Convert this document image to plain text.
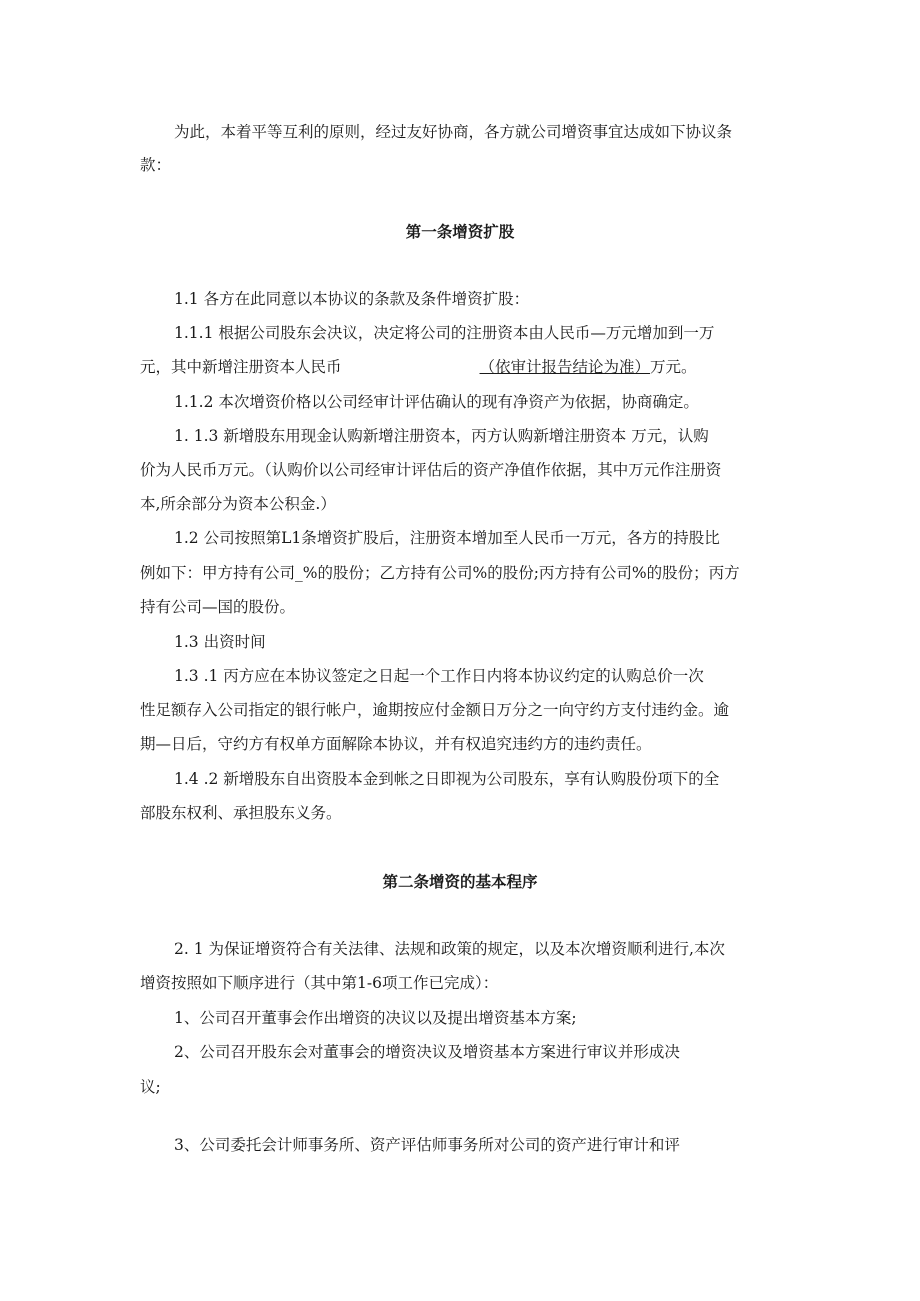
为此，本着平等互利的原则，经过友好协商，各方就公司增资事宜达成如下协议条
款：
第一条增资扩股
1.1 各方在此同意以本协议的条款及条件增资扩股：
1.1.1 根据公司股东会决议，决定将公司的注册资本由人民币—万元增加到一万
元，其中新增注册资本人民币	（依审计报告结论为准）万元。
1.1.2 本次增资价格以公司经审计评估确认的现有净资产为依据，协商确定。
1. 1.3 新增股东用现金认购新增注册资本，丙方认购新增注册资本 万元，认购
价为人民币万元。（认购价以公司经审计评估后的资产净值作依据，其中万元作注册资
本,所余部分为资本公积金.）
1.2 公司按照第L1条增资扩股后，注册资本增加至人民币一万元，各方的持股比
例如下：甲方持有公司_%的股份；乙方持有公司%的股份;丙方持有公司%的股份；丙方
持有公司—国的股份。
1.3 出资时间
1.3 .1 丙方应在本协议签定之日起一个工作日内将本协议约定的认购总价一次
性足额存入公司指定的银行帐户，逾期按应付金额日万分之一向守约方支付违约金。逾
期—日后，守约方有权单方面解除本协议，并有权追究违约方的违约责任。
1.4 .2 新增股东自出资股本金到帐之日即视为公司股东，享有认购股份项下的全
部股东权利、承担股东义务。
第二条增资的基本程序
2. 1 为保证增资符合有关法律、法规和政策的规定，以及本次增资顺利进行,本次
增资按照如下顺序进行（其中第1-6项工作已完成）：
1、公司召开董事会作出增资的决议以及提出增资基本方案;
2、公司召开股东会对董事会的增资决议及增资基本方案进行审议并形成决
议;
3、公司委托会计师事务所、资产评估师事务所对公司的资产进行审计和评
